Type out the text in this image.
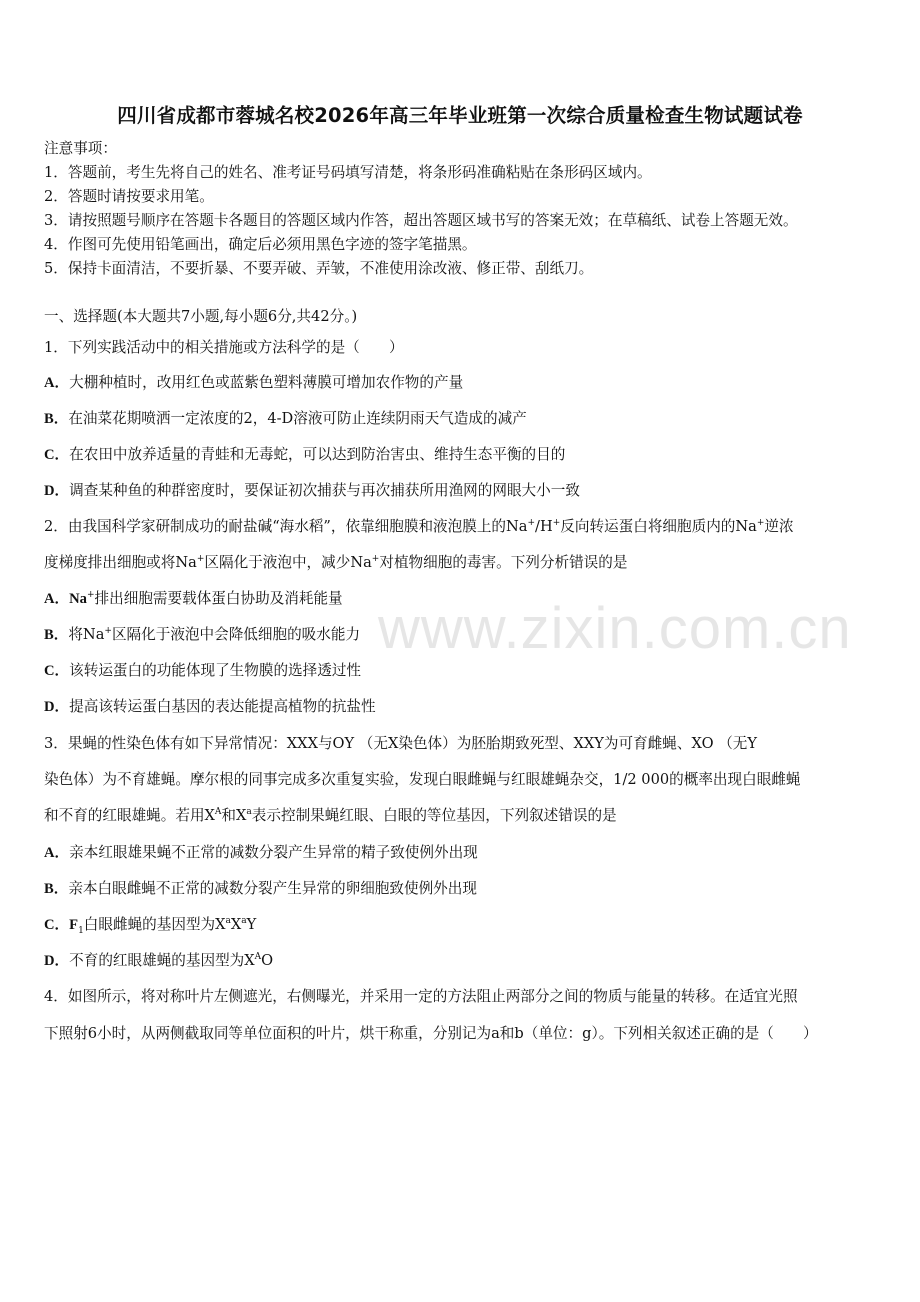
四川省成都市蓉城名校2026年高三年毕业班第一次综合质量检查生物试题试卷
注意事项：
1．答题前，考生先将自己的姓名、准考证号码填写清楚，将条形码准确粘贴在条形码区域内。
2．答题时请按要求用笔。
3．请按照题号顺序在答题卡各题目的答题区域内作答，超出答题区域书写的答案无效；在草稿纸、试卷上答题无效。
4．作图可先使用铅笔画出，确定后必须用黑色字迹的签字笔描黑。
5．保持卡面清洁，不要折暴、不要弄破、弄皱，不准使用涂改液、修正带、刮纸刀。
一、选择题(本大题共7小题,每小题6分,共42分。)
1．下列实践活动中的相关措施或方法科学的是（　　）
A．大棚种植时，改用红色或蓝紫色塑料薄膜可增加农作物的产量
B．在油菜花期喷洒一定浓度的2，4-D溶液可防止连续阴雨天气造成的减产
C．在农田中放养适量的青蛙和无毒蛇，可以达到防治害虫、维持生态平衡的目的
D．调查某种鱼的种群密度时，要保证初次捕获与再次捕获所用渔网的网眼大小一致
2．由我国科学家研制成功的耐盐碱“海水稻”，依靠细胞膜和液泡膜上的Na+/H+反向转运蛋白将细胞质内的Na+逆浓
度梯度排出细胞或将Na+区隔化于液泡中，减少Na+对植物细胞的毒害。下列分析错误的是
A．Na+排出细胞需要载体蛋白协助及消耗能量
B．将Na+区隔化于液泡中会降低细胞的吸水能力
C．该转运蛋白的功能体现了生物膜的选择透过性
D．提高该转运蛋白基因的表达能提高植物的抗盐性
3．果蝇的性染色体有如下异常情况：XXX与OY （无X染色体）为胚胎期致死型、XXY为可育雌蝇、XO （无Y
染色体）为不育雄蝇。摩尔根的同事完成多次重复实验，发现白眼雌蝇与红眼雄蝇杂交，1/2 000的概率出现白眼雌蝇
和不育的红眼雄蝇。若用$X^A$和$X^a$表示控制果蝇红眼、白眼的等位基因，下列叙述错误的是
A．亲本红眼雄果蝇不正常的减数分裂产生异常的精子致使例外出现
B．亲本白眼雌蝇不正常的减数分裂产生异常的卵细胞致使例外出现
C．$F_1$白眼雌蝇的基因型为$X^aX^aY$
D．不育的红眼雄蝇的基因型为$X^AO$
4．如图所示，将对称叶片左侧遮光，右侧曝光，并采用一定的方法阻止两部分之间的物质与能量的转移。在适宜光照
下照射6小时，从两侧截取同等单位面积的叶片，烘干称重，分别记为a和b（单位：g）。下列相关叙述正确的是（　　）
www.zixin.com.cn
